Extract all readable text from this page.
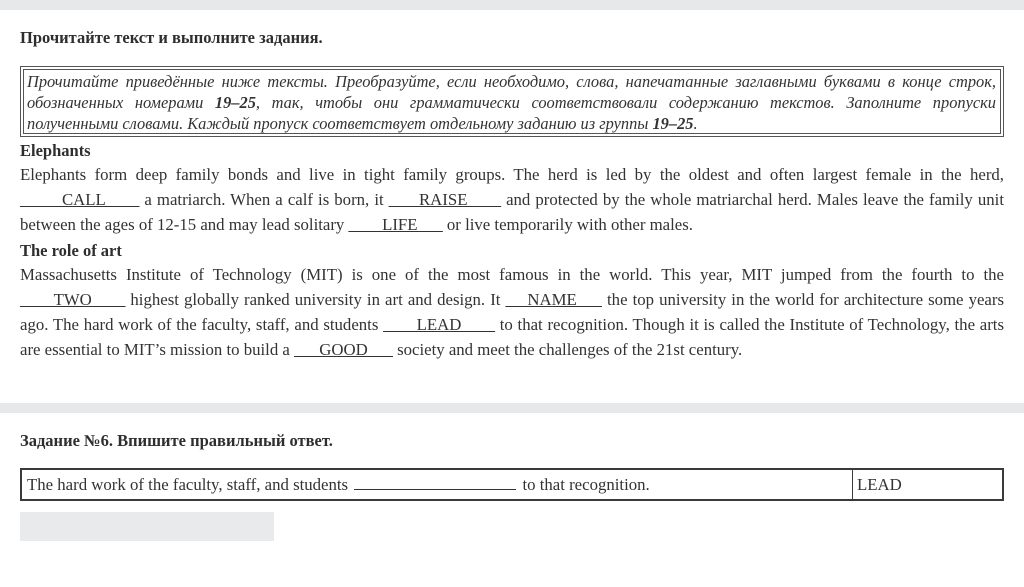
Прочитайте текст и выполните задания.
Прочитайте приведённые ниже тексты. Преобразуйте, если необходимо, слова, напечатанные заглавными буквами в конце строк, обозначенных номерами 19–25, так, чтобы они грамматически соответствовали содержанию текстов. Заполните пропуски полученными словами. Каждый пропуск соответствует отдельному заданию из группы 19–25.
Elephants
Elephants form deep family bonds and live in tight family groups. The herd is led by the oldest and often largest female in the herd, _____CALL____ a matriarch. When a calf is born, it ___ RAISE____ and protected by the whole matriarchal herd. Males leave the family unit between the ages of 12-15 and may lead solitary ____LIFE___ or live temporarily with other males.
The role of art
Massachusetts Institute of Technology (MIT) is one of the most famous in the world. This year, MIT jumped from the fourth to the ____TWO____ highest globally ranked university in art and design. It __ NAME___ the top university in the world for architecture some years ago. The hard work of the faculty, staff, and students ____LEAD____ to that recognition. Though it is called the Institute of Technology, the arts are essential to MIT’s mission to build a ___GOOD___ society and meet the challenges of the 21st century.
Задание №6. Впишите правильный ответ.
The hard work of the faculty, staff, and students	to that recognition.	LEAD
